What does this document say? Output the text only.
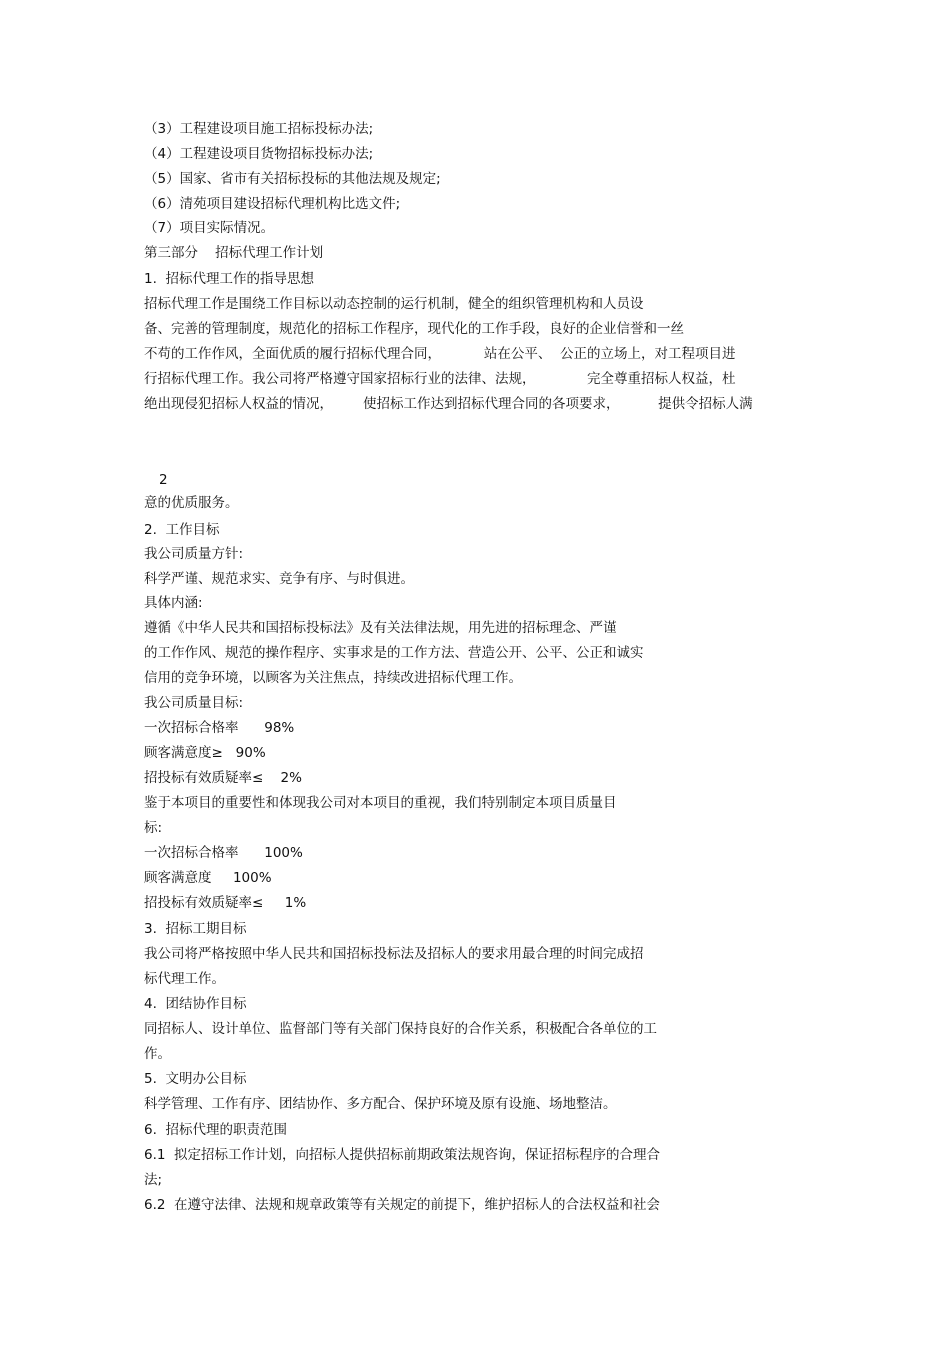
（3）工程建设项目施工招标投标办法;

（4）工程建设项目货物招标投标办法;

（5）国家、省市有关招标投标的其他法规及规定;

（6）清苑项目建设招标代理机构比选文件;

（7）项目实际情况。

第三部分    招标代理工作计划

1.  招标代理工作的指导思想

招标代理工作是围绕工作目标以动态控制的运行机制，健全的组织管理机构和人员设

备、完善的管理制度，规范化的招标工作程序，现代化的工作手段，良好的企业信誉和一丝

不苟的工作作风，全面优质的履行招标代理合同，          站在公平、  公正的立场上，对工程项目进

行招标代理工作。我公司将严格遵守国家招标行业的法律、法规，            完全尊重招标人权益，杜

绝出现侵犯招标人权益的情况，       使招标工作达到招标代理合同的各项要求，         提供令招标人满

2

意的优质服务。

2.  工作目标

我公司质量方针:

科学严谨、规范求实、竞争有序、与时俱进。

具体内涵:

遵循《中华人民共和国招标投标法》及有关法律法规，用先进的招标理念、严谨

的工作作风、规范的操作程序、实事求是的工作方法、营造公开、公平、公正和诚实

信用的竞争环境，以顾客为关注焦点，持续改进招标代理工作。

我公司质量目标:

一次招标合格率      98%

顾客满意度≥   90%

招投标有效质疑率≤    2%

鉴于本项目的重要性和体现我公司对本项目的重视，我们特别制定本项目质量目

标:

一次招标合格率      100%

顾客满意度     100%

招投标有效质疑率≤     1%

3.  招标工期目标

我公司将严格按照中华人民共和国招标投标法及招标人的要求用最合理的时间完成招

标代理工作。

4.  团结协作目标

同招标人、设计单位、监督部门等有关部门保持良好的合作关系，积极配合各单位的工

作。

5.  文明办公目标

科学管理、工作有序、团结协作、多方配合、保护环境及原有设施、场地整洁。

6.  招标代理的职责范围

6.1  拟定招标工作计划，向招标人提供招标前期政策法规咨询，保证招标程序的合理合

法;

6.2  在遵守法律、法规和规章政策等有关规定的前提下，维护招标人的合法权益和社会
